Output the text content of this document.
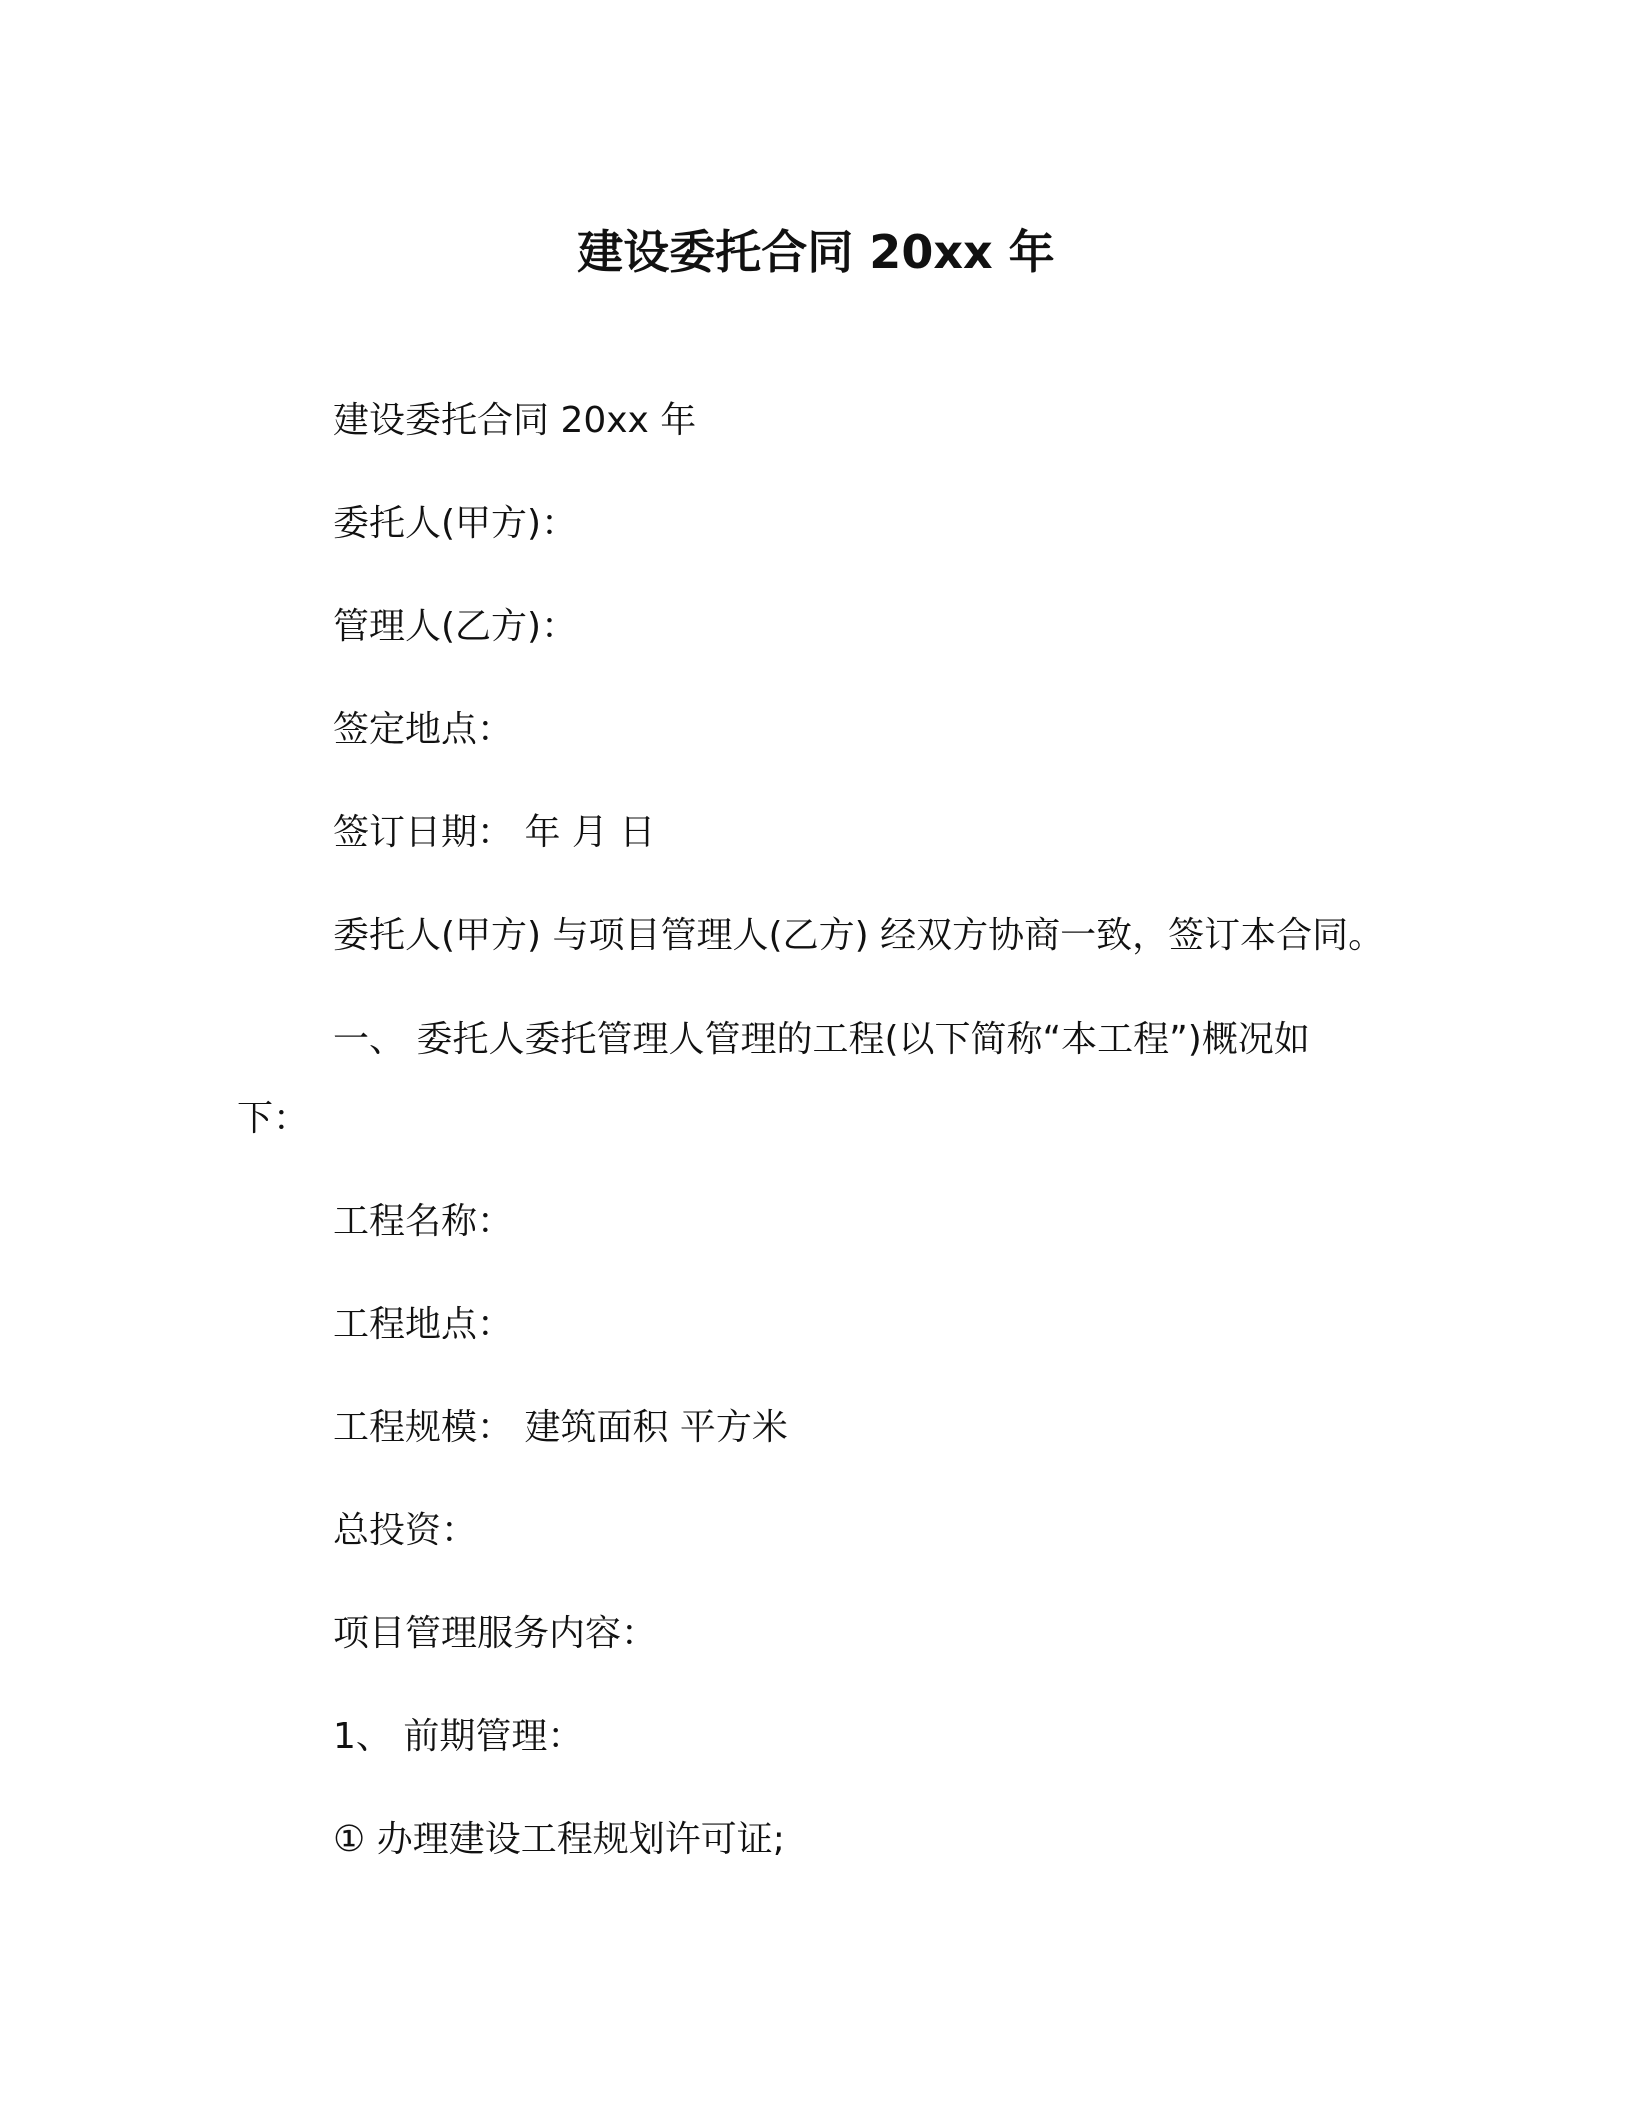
建设委托合同 20xx 年

建设委托合同 20xx 年

委托人(甲方)：

管理人(乙方)：

签定地点：

签订日期： 年 月 日

委托人(甲方) 与项目管理人(乙方) 经双方协商一致，签订本合同。

一、 委托人委托管理人管理的工程(以下简称“本工程”)概况如

下：

工程名称：

工程地点：

工程规模： 建筑面积 平方米

总投资：

项目管理服务内容：

1、 前期管理：

① 办理建设工程规划许可证;
